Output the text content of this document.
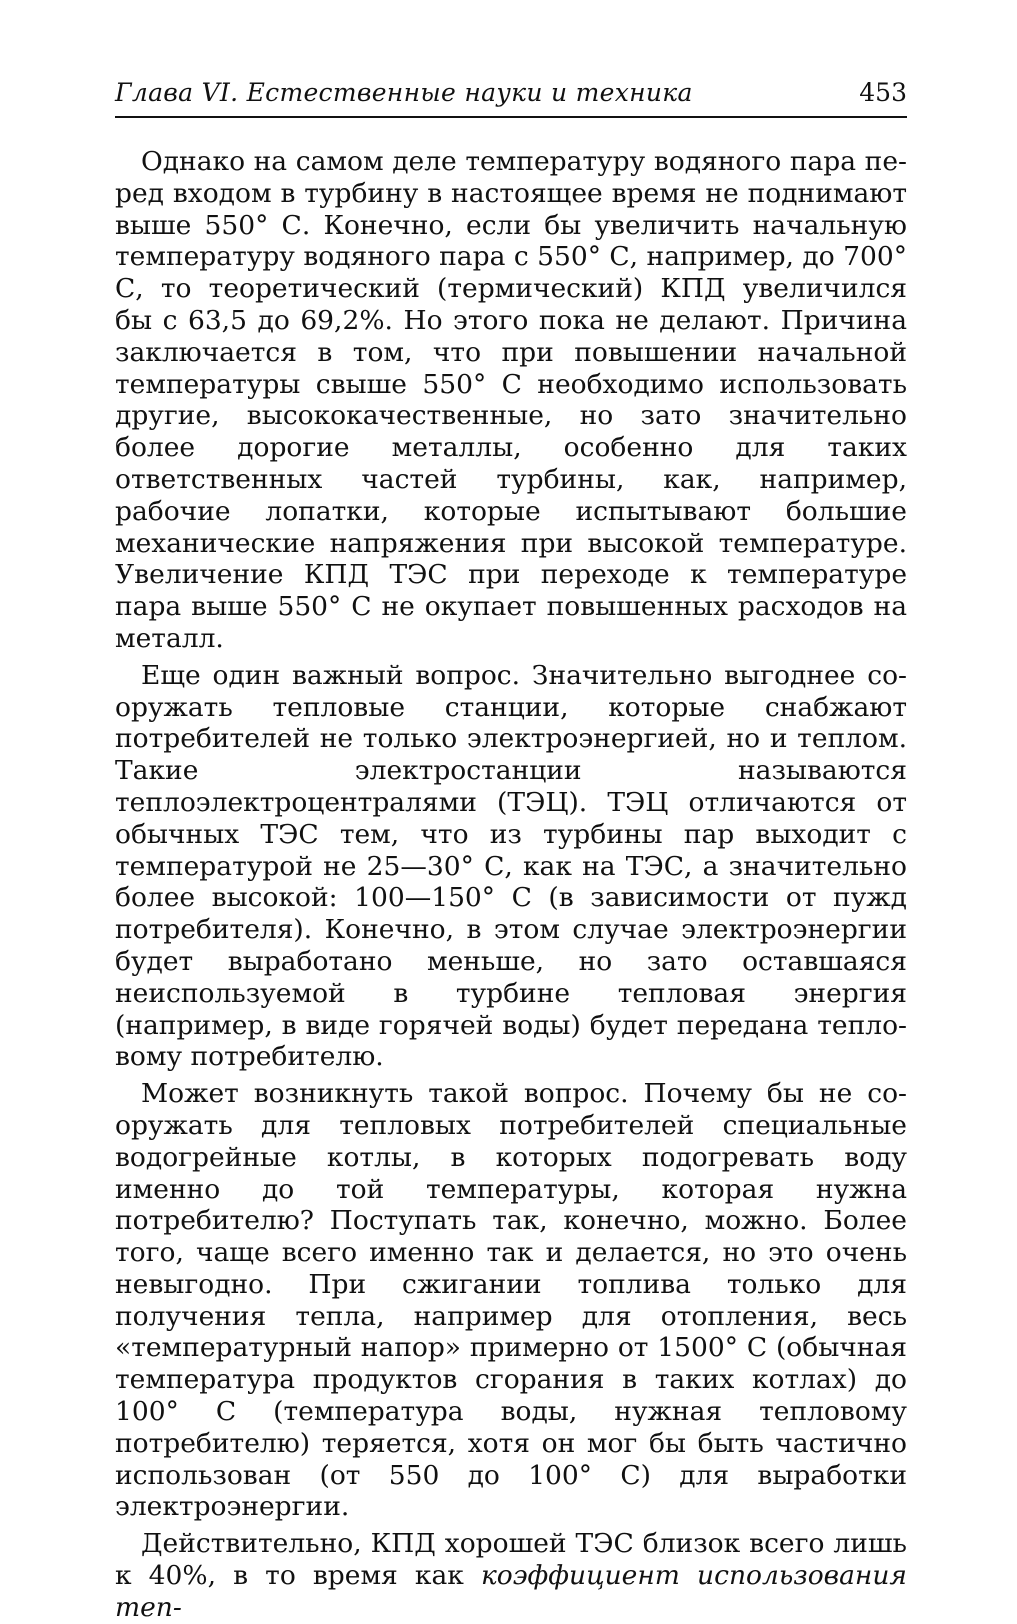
Глава VI. Естественные науки и техника	453

Однако на самом деле температуру водяного пара перед входом в турбину в настоящее время не поднимают выше 550° С. Конечно, если бы увеличить начальную температуру водяного пара с 550° С, например, до 700° С, то теоретический (термический) КПД увеличился бы с 63,5 до 69,2%. Но этого пока не делают. Причина заключается в том, что при повышении начальной температуры свыше 550° С необходимо использовать другие, высококачественные, но зато значительно более дорогие металлы, особенно для таких ответственных частей турбины, как, например, рабочие лопатки, которые испытывают большие механические напряжения при высокой температуре. Увеличение КПД ТЭС при переходе к температуре пара выше 550° С не окупает повышенных расходов на металл.

Еще один важный вопрос. Значительно выгоднее сооружать тепловые станции, которые снабжают потребителей не только электроэнергией, но и теплом. Такие электростанции называются теплоэлектроцентралями (ТЭЦ). ТЭЦ отличаются от обычных ТЭС тем, что из турбины пар выходит с температурой не 25—30° С, как на ТЭС, а значительно более высокой: 100—150° С (в зависимости от пужд потребителя). Конечно, в этом случае электроэнергии будет выработано меньше, но зато оставшаяся неиспользуемой в турбине тепловая энергия (например, в виде горячей воды) будет передана тепловому потребителю.

Может возникнуть такой вопрос. Почему бы не сооружать для тепловых потребителей специальные водогрейные котлы, в которых подогревать воду именно до той температуры, которая нужна потребителю? Поступать так, конечно, можно. Более того, чаще всего именно так и делается, но это очень невыгодно. При сжигании топлива только для получения тепла, например для отопления, весь «температурный напор» примерно от 1500° С (обычная температура продуктов сгорания в таких котлах) до 100° С (температура воды, нужная тепловому потребителю) теряется, хотя он мог бы быть частично использован (от 550 до 100° С) для выработки электроэнергии.

Действительно, КПД хорошей ТЭС близок всего лишь к 40%, в то время как коэффициент использования теп-
